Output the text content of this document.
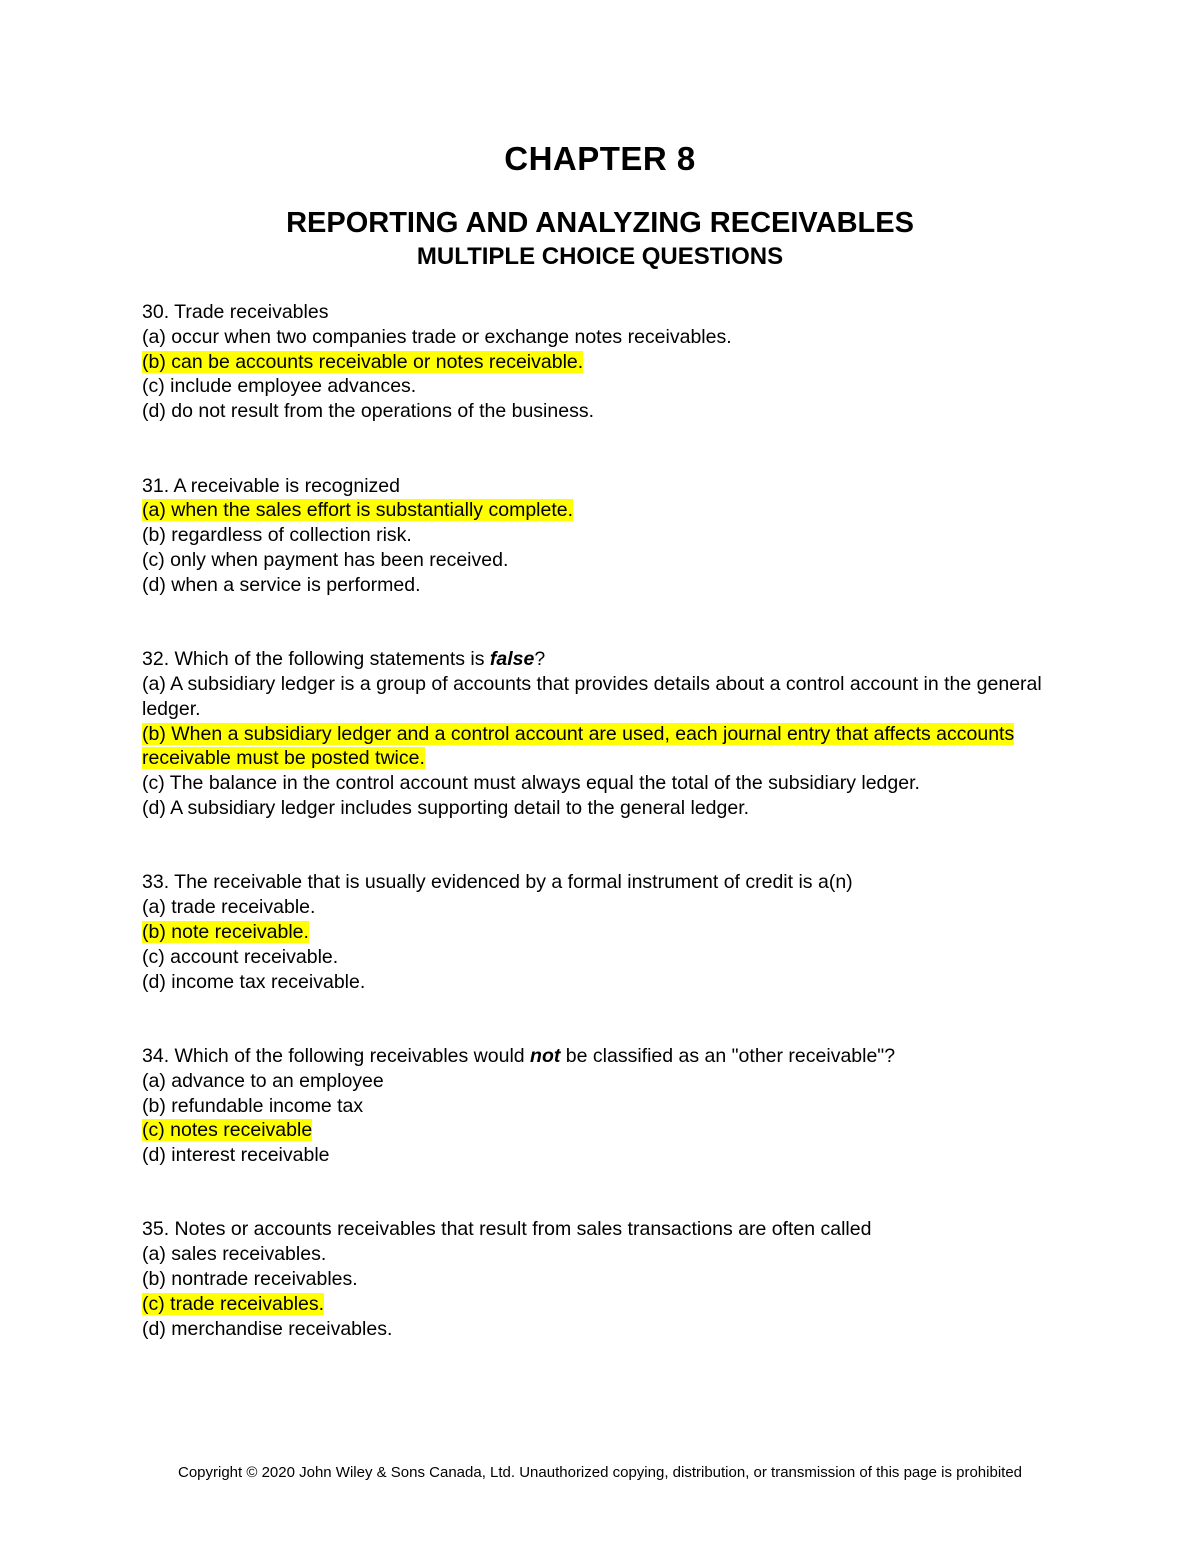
CHAPTER 8
REPORTING AND ANALYZING RECEIVABLES
MULTIPLE CHOICE QUESTIONS
30. Trade receivables
(a) occur when two companies trade or exchange notes receivables.
(b) can be accounts receivable or notes receivable.
(c) include employee advances.
(d) do not result from the operations of the business.
31. A receivable is recognized
(a) when the sales effort is substantially complete.
(b) regardless of collection risk.
(c) only when payment has been received.
(d) when a service is performed.
32. Which of the following statements is false?
(a) A subsidiary ledger is a group of accounts that provides details about a control account in the general ledger.
(b) When a subsidiary ledger and a control account are used, each journal entry that affects accounts receivable must be posted twice.
(c) The balance in the control account must always equal the total of the subsidiary ledger.
(d) A subsidiary ledger includes supporting detail to the general ledger.
33. The receivable that is usually evidenced by a formal instrument of credit is a(n)
(a) trade receivable.
(b) note receivable.
(c) account receivable.
(d) income tax receivable.
34. Which of the following receivables would not be classified as an "other receivable"?
(a) advance to an employee
(b) refundable income tax
(c) notes receivable
(d) interest receivable
35. Notes or accounts receivables that result from sales transactions are often called
(a) sales receivables.
(b) nontrade receivables.
(c) trade receivables.
(d) merchandise receivables.
Copyright © 2020 John Wiley & Sons Canada, Ltd. Unauthorized copying, distribution, or transmission of this page is prohibited
